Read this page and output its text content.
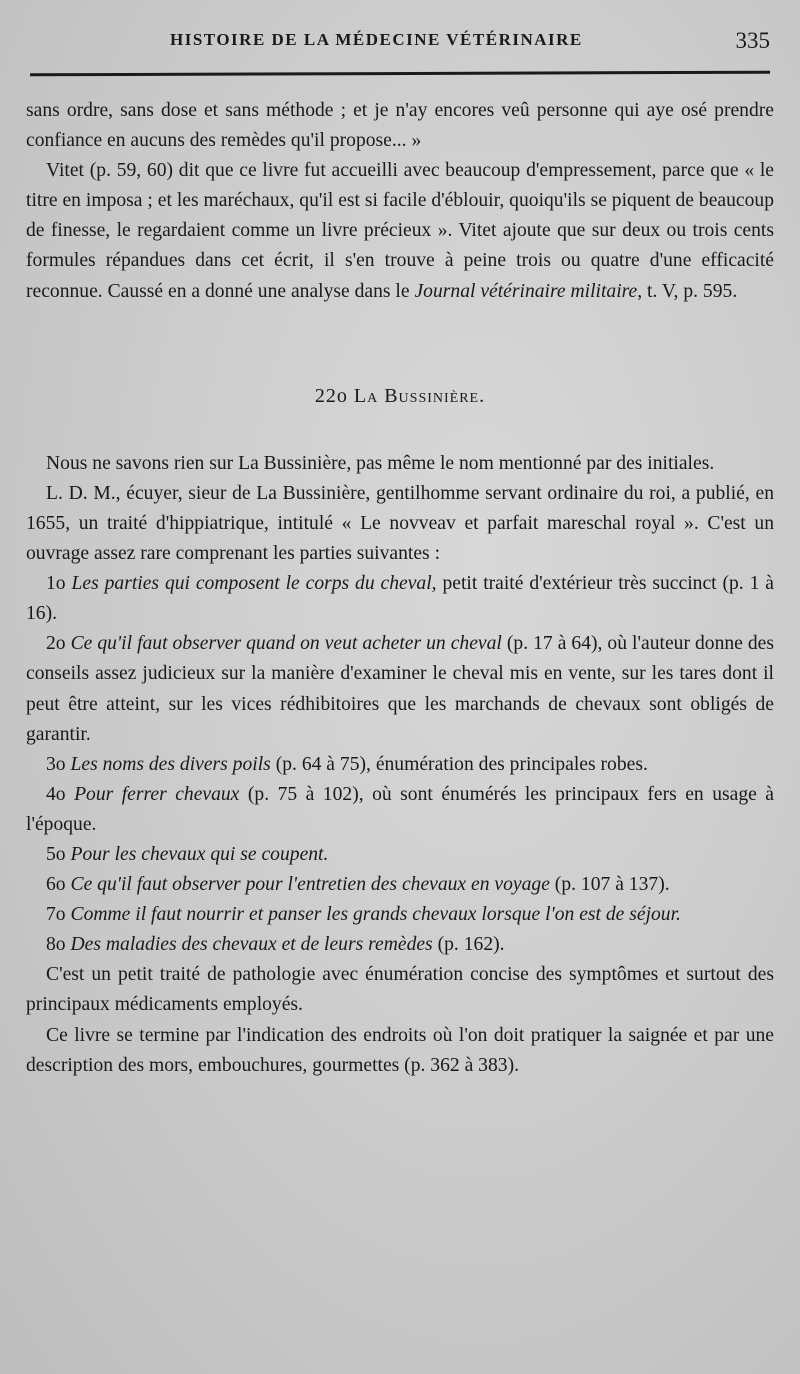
HISTOIRE DE LA MÉDECINE VÉTÉRINAIRE	335

sans ordre, sans dose et sans méthode ; et je n'ay encores veû personne qui aye osé prendre confiance en aucuns des remèdes qu'il propose... »

Vitet (p. 59, 60) dit que ce livre fut accueilli avec beaucoup d'empressement, parce que « le titre en imposa ; et les maréchaux, qu'il est si facile d'éblouir, quoiqu'ils se piquent de beaucoup de finesse, le regardaient comme un livre précieux ». Vitet ajoute que sur deux ou trois cents formules répandues dans cet écrit, il s'en trouve à peine trois ou quatre d'une efficacité reconnue. Caussé en a donné une analyse dans le Journal vétérinaire militaire, t. V, p. 595.

22o La Bussinière.

Nous ne savons rien sur La Bussinière, pas même le nom mentionné par des initiales.

L. D. M., écuyer, sieur de La Bussinière, gentilhomme servant ordinaire du roi, a publié, en 1655, un traité d'hippiatrique, intitulé « Le novveav et parfait mareschal royal ». C'est un ouvrage assez rare comprenant les parties suivantes :

1o Les parties qui composent le corps du cheval, petit traité d'extérieur très succinct (p. 1 à 16).

2o Ce qu'il faut observer quand on veut acheter un cheval (p. 17 à 64), où l'auteur donne des conseils assez judicieux sur la manière d'examiner le cheval mis en vente, sur les tares dont il peut être atteint, sur les vices rédhibitoires que les marchands de chevaux sont obligés de garantir.

3o Les noms des divers poils (p. 64 à 75), énumération des principales robes.

4o Pour ferrer chevaux (p. 75 à 102), où sont énumérés les principaux fers en usage à l'époque.

5o Pour les chevaux qui se coupent.

6o Ce qu'il faut observer pour l'entretien des chevaux en voyage (p. 107 à 137).

7o Comme il faut nourrir et panser les grands chevaux lorsque l'on est de séjour.

8o Des maladies des chevaux et de leurs remèdes (p. 162).

C'est un petit traité de pathologie avec énumération concise des symptômes et surtout des principaux médicaments employés.

Ce livre se termine par l'indication des endroits où l'on doit pratiquer la saignée et par une description des mors, embouchures, gourmettes (p. 362 à 383).
